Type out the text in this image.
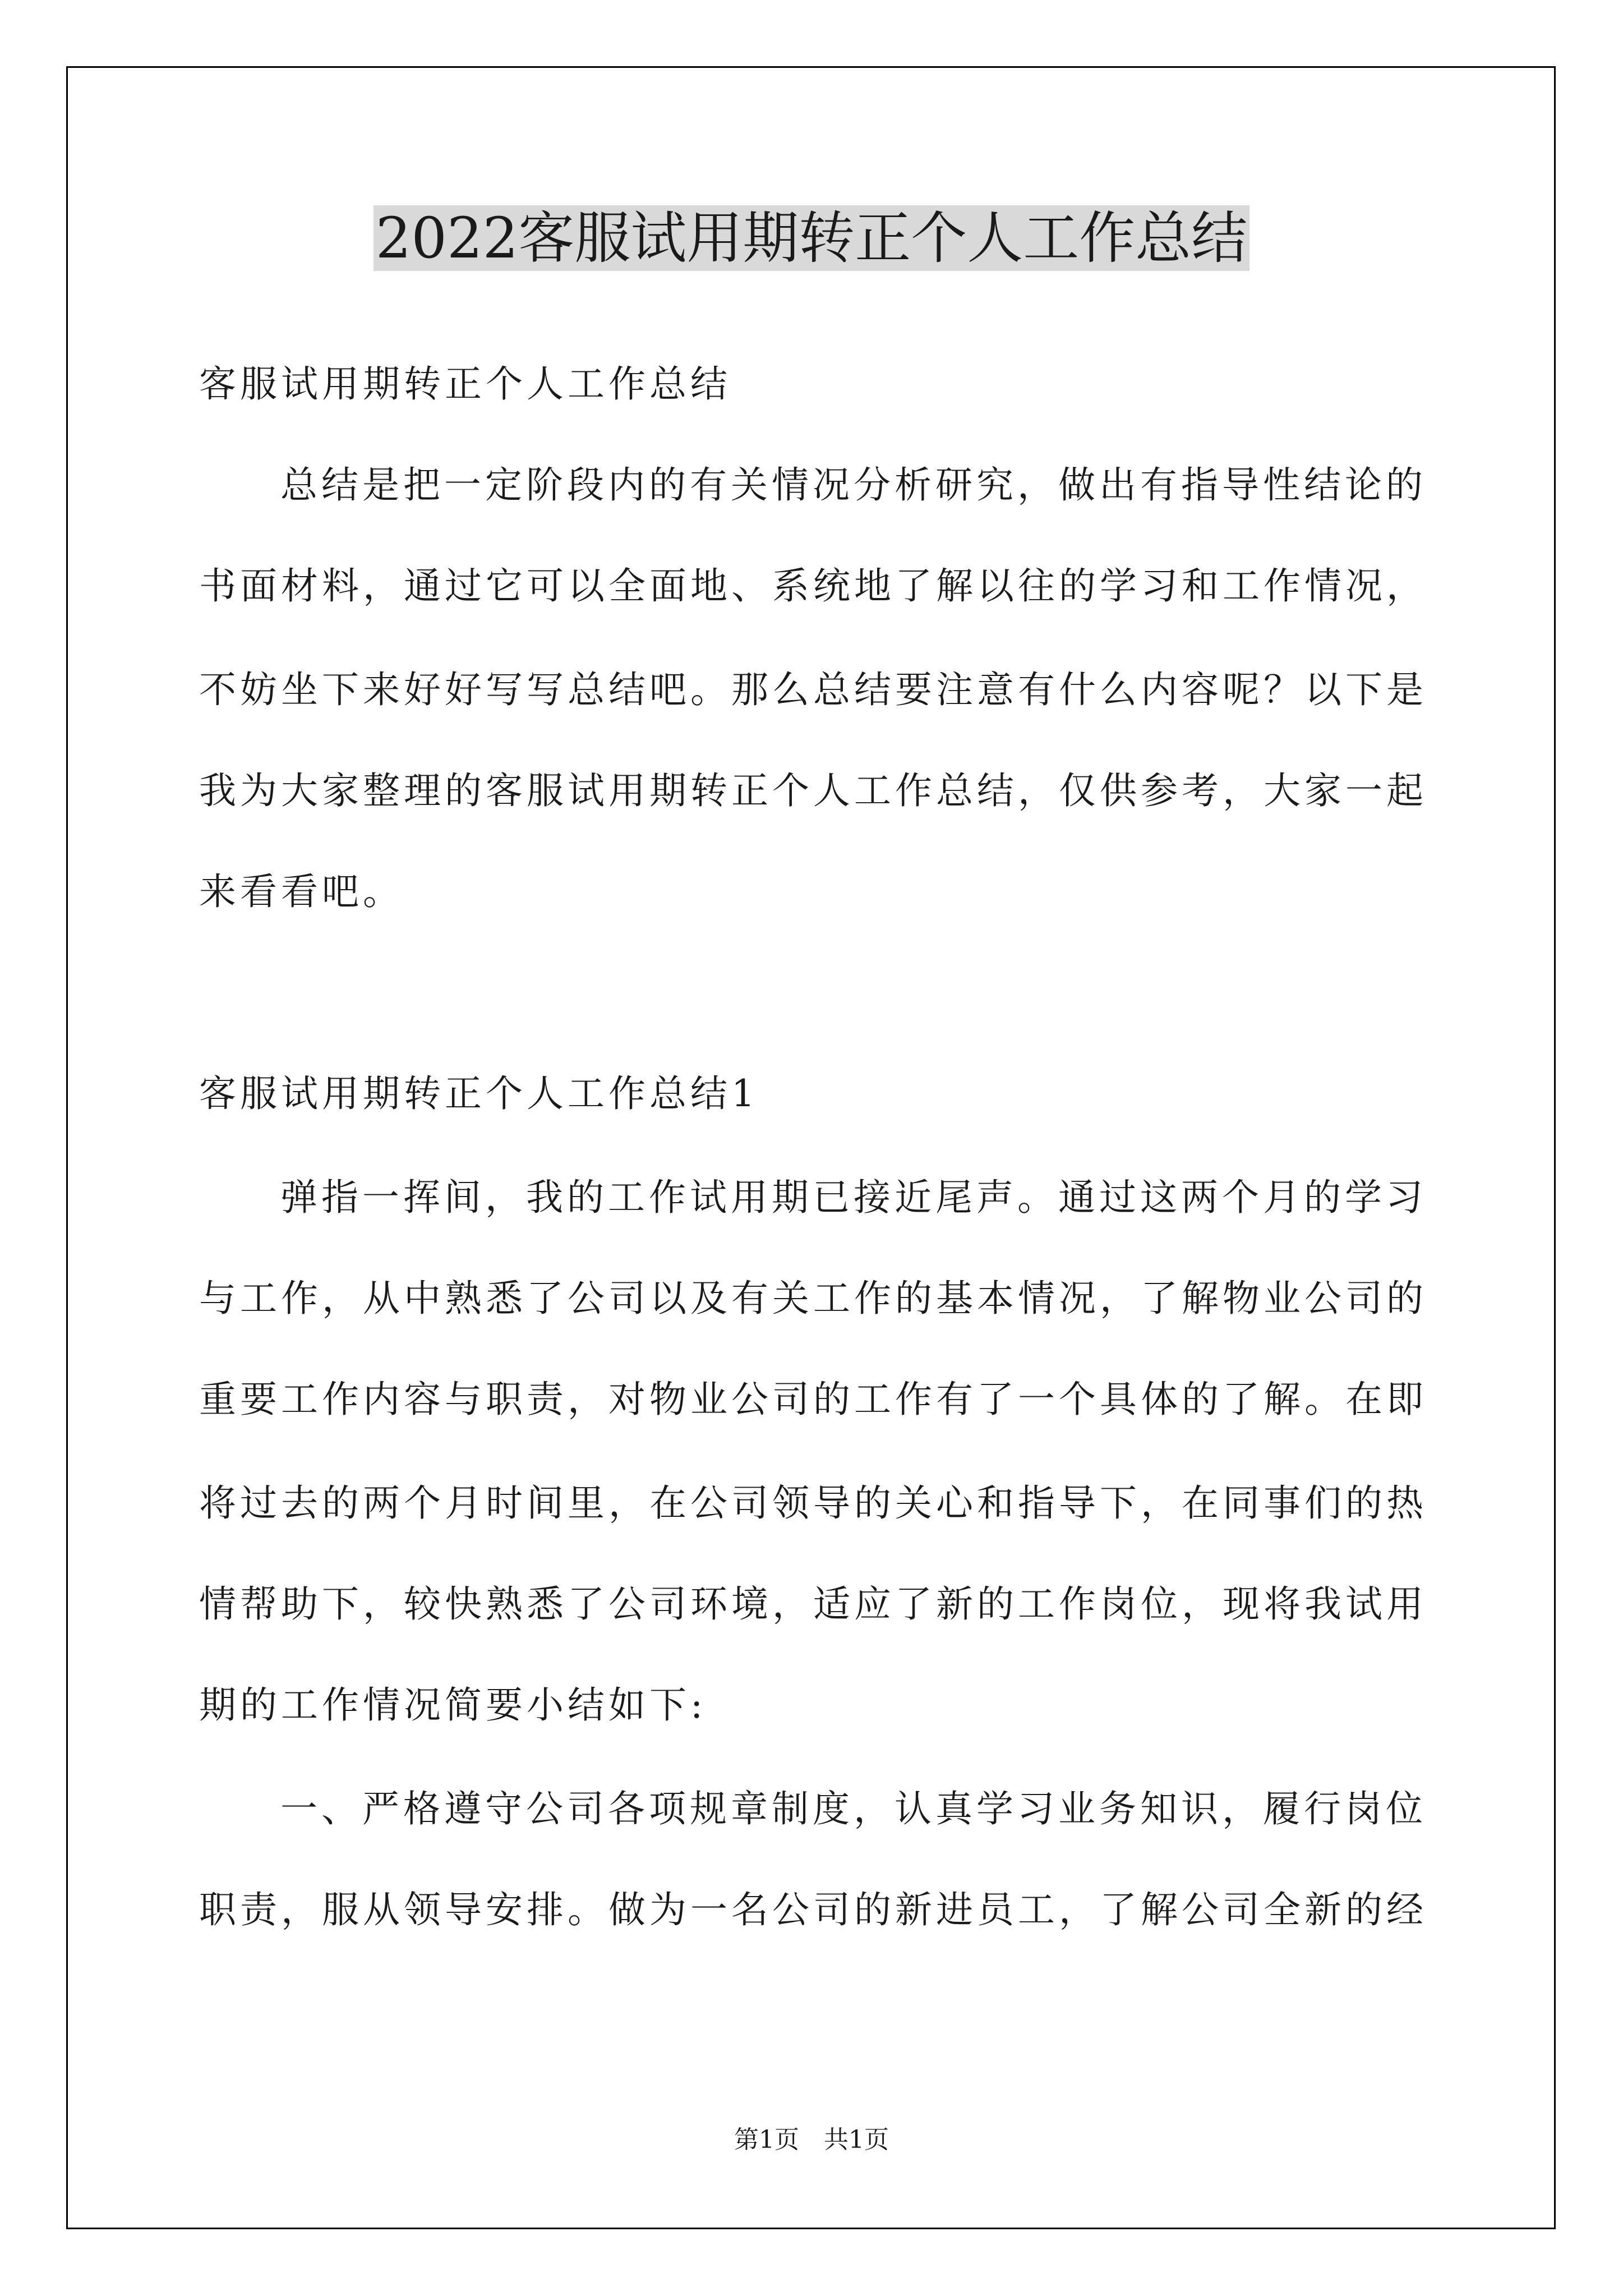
2022客服试用期转正个人工作总结
客服试用期转正个人工作总结
总结是把一定阶段内的有关情况分析研究，做出有指导性结论的
书面材料，通过它可以全面地、系统地了解以往的学习和工作情况，
不妨坐下来好好写写总结吧。那么总结要注意有什么内容呢？以下是
我为大家整理的客服试用期转正个人工作总结，仅供参考，大家一起
来看看吧。
客服试用期转正个人工作总结1
弹指一挥间，我的工作试用期已接近尾声。通过这两个月的学习
与工作，从中熟悉了公司以及有关工作的基本情况，了解物业公司的
重要工作内容与职责，对物业公司的工作有了一个具体的了解。在即
将过去的两个月时间里，在公司领导的关心和指导下，在同事们的热
情帮助下，较快熟悉了公司环境，适应了新的工作岗位，现将我试用
期的工作情况简要小结如下:
一、严格遵守公司各项规章制度，认真学习业务知识，履行岗位
职责，服从领导安排。做为一名公司的新进员工，了解公司全新的经
第1页　共1页
